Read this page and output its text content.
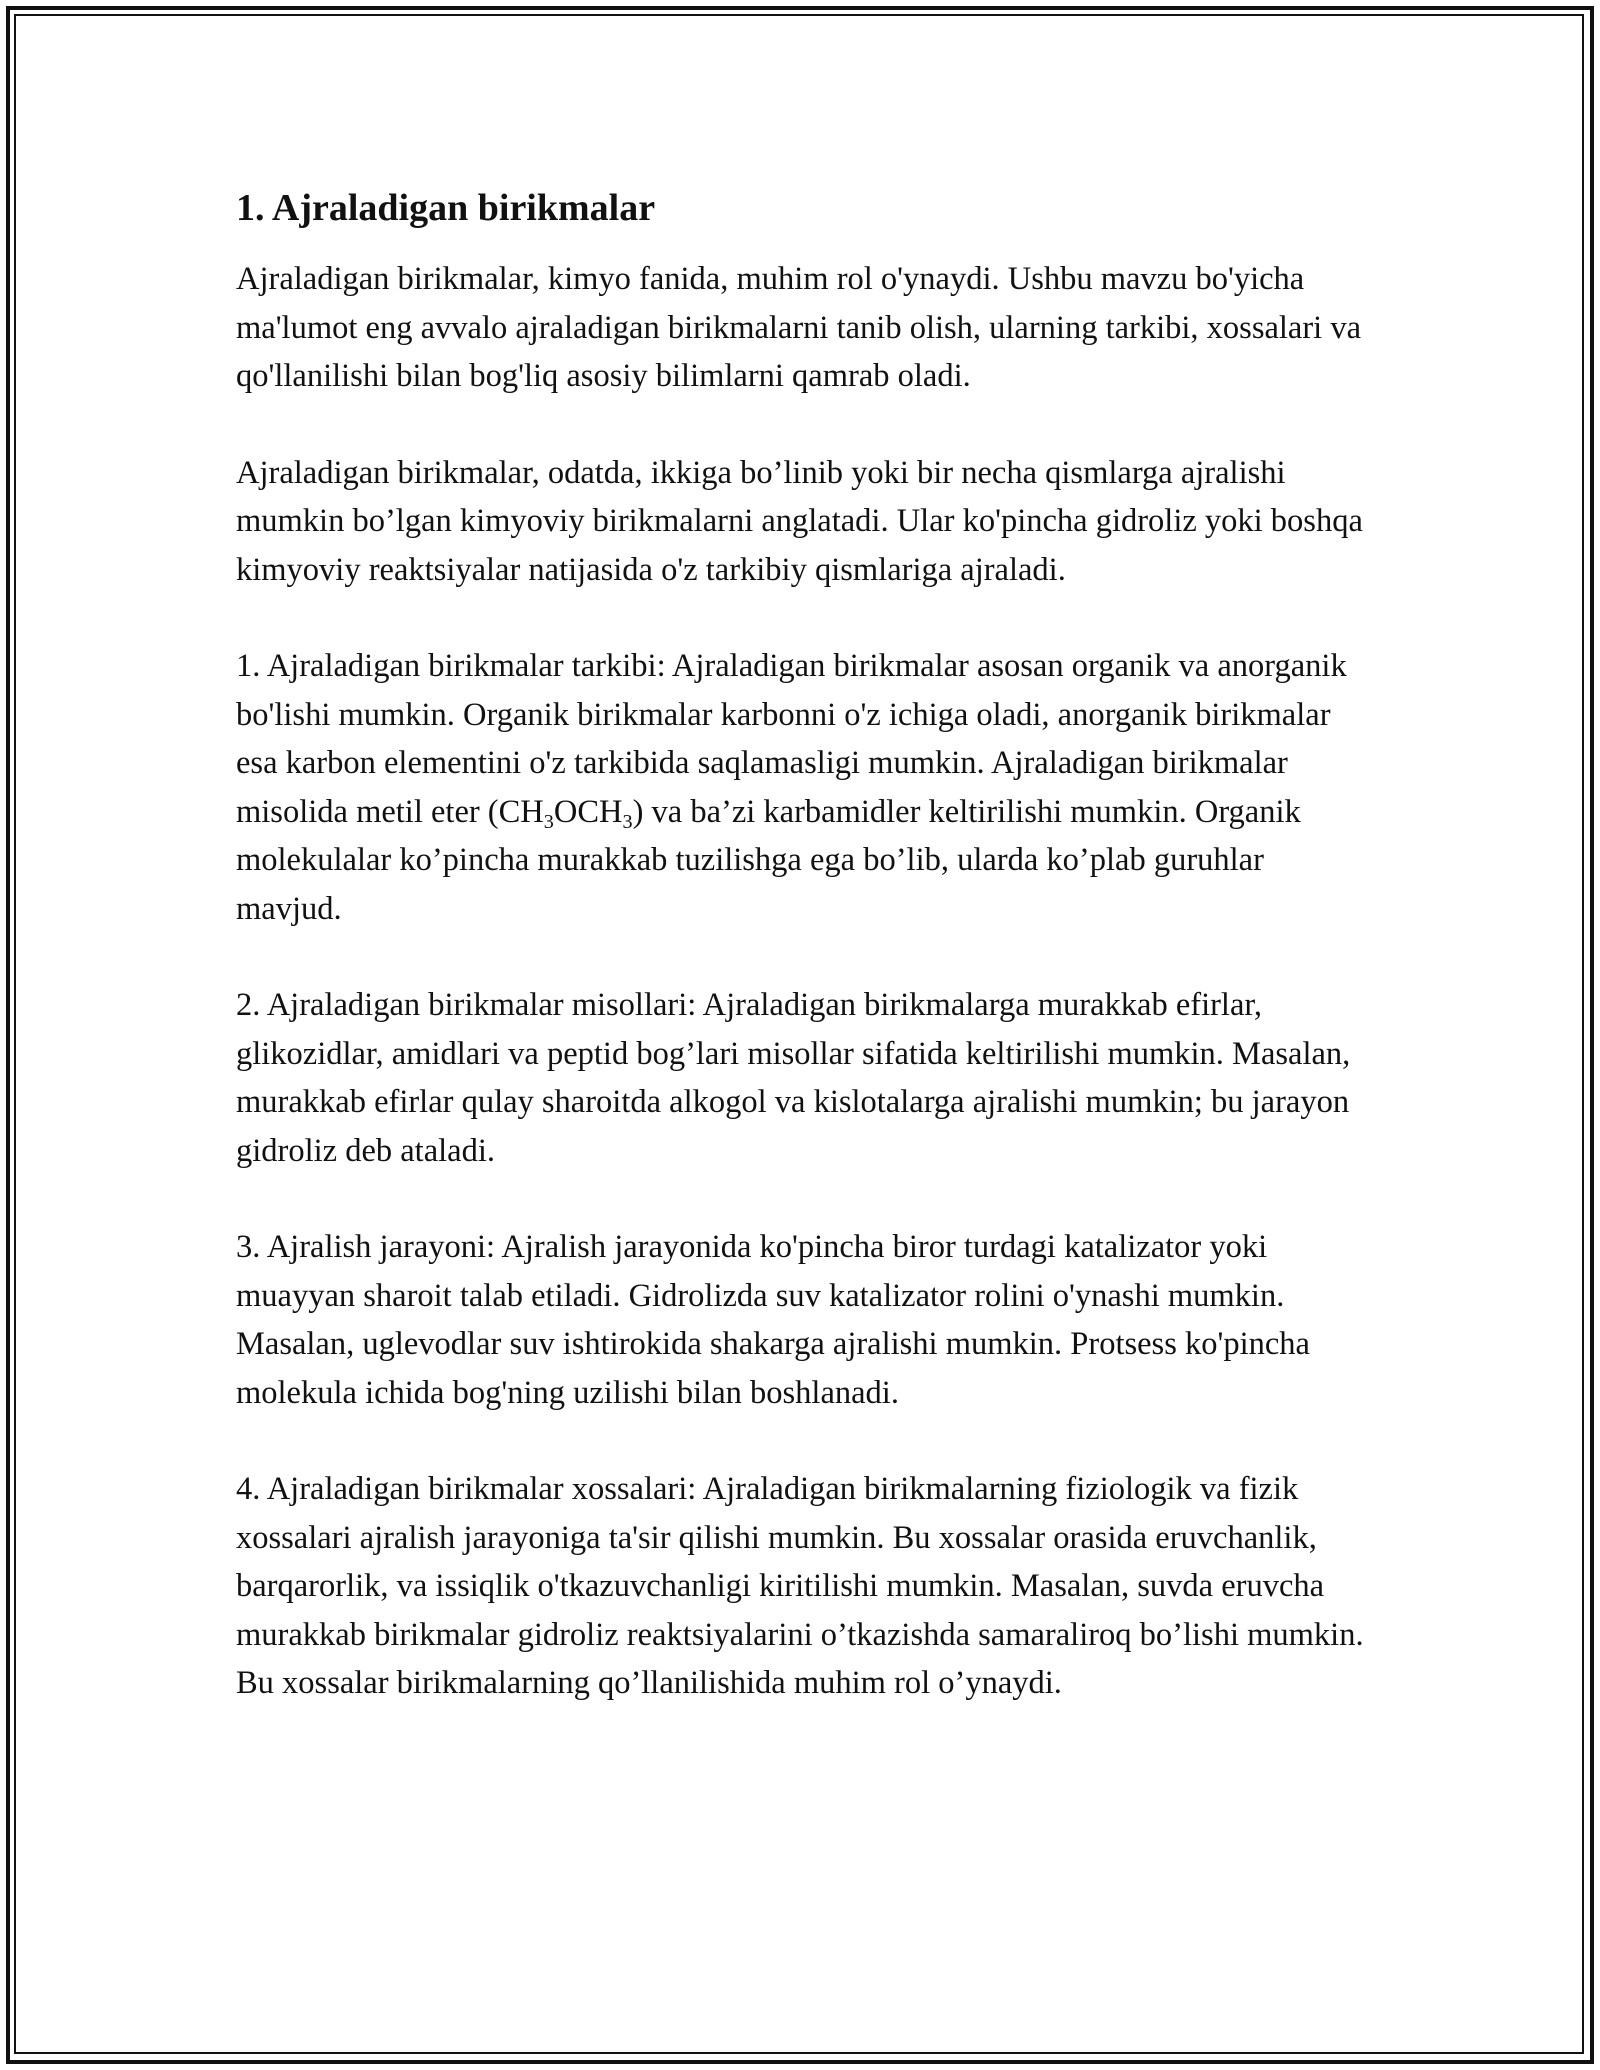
1. Ajraladigan birikmalar

Ajraladigan birikmalar, kimyo fanida, muhim rol o'ynaydi. Ushbu mavzu bo'yicha ma'lumot eng avvalo ajraladigan birikmalarni tanib olish, ularning tarkibi, xossalari va qo'llanilishi bilan bog'liq asosiy bilimlarni qamrab oladi.

Ajraladigan birikmalar, odatda, ikkiga bo’linib yoki bir necha qismlarga ajralishi mumkin bo’lgan kimyoviy birikmalarni anglatadi. Ular ko'pincha gidroliz yoki boshqa kimyoviy reaktsiyalar natijasida o'z tarkibiy qismlariga ajraladi.

1. Ajraladigan birikmalar tarkibi: Ajraladigan birikmalar asosan organik va anorganik bo'lishi mumkin. Organik birikmalar karbonni o'z ichiga oladi, anorganik birikmalar esa karbon elementini o'z tarkibida saqlamasligi mumkin. Ajraladigan birikmalar misolida metil eter $(CH_3OCH_3)$ va ba’zi karbamidler keltirilishi mumkin. Organik molekulalar ko’pincha murakkab tuzilishga ega bo’lib, ularda ko’plab guruhlar mavjud.

2. Ajraladigan birikmalar misollari: Ajraladigan birikmalarga murakkab efirlar, glikozidlar, amidlari va peptid bog’lari misollar sifatida keltirilishi mumkin. Masalan, murakkab efirlar qulay sharoitda alkogol va kislotalarga ajralishi mumkin; bu jarayon gidroliz deb ataladi.

3. Ajralish jarayoni: Ajralish jarayonida ko'pincha biror turdagi katalizator yoki muayyan sharoit talab etiladi. Gidrolizda suv katalizator rolini o'ynashi mumkin. Masalan, uglevodlar suv ishtirokida shakarga ajralishi mumkin. Protsess ko'pincha molekula ichida bog'ning uzilishi bilan boshlanadi.

4. Ajraladigan birikmalar xossalari: Ajraladigan birikmalarning fiziologik va fizik xossalari ajralish jarayoniga ta'sir qilishi mumkin. Bu xossalar orasida eruvchanlik, barqarorlik, va issiqlik o'tkazuvchanligi kiritilishi mumkin. Masalan, suvda eruvcha murakkab birikmalar gidroliz reaktsiyalarini o’tkazishda samaraliroq bo’lishi mumkin. Bu xossalar birikmalarning qo’llanilishida muhim rol o’ynaydi.
